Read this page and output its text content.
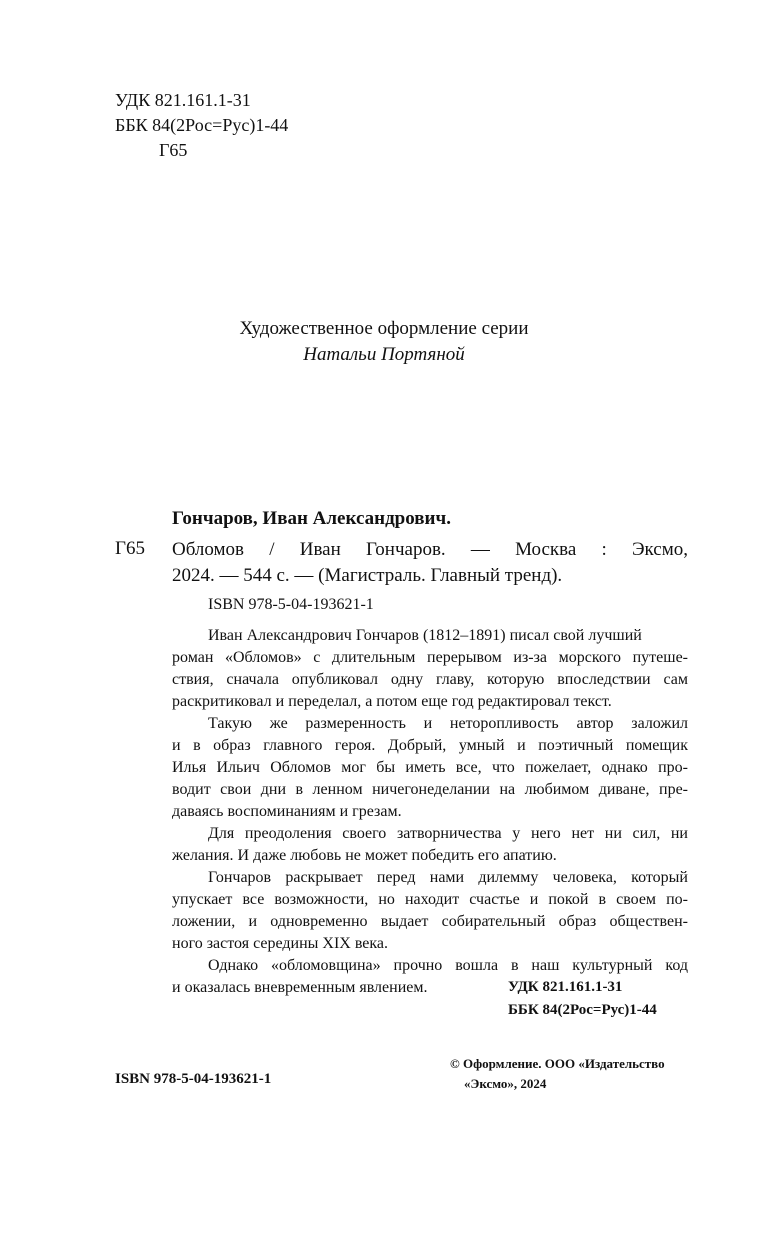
УДК 821.161.1-31
ББК 84(2Рос=Рус)1-44
Г65
Художественное оформление серии
Натальи Портяной
Гончаров, Иван Александрович.
Г65 Обломов / Иван Гончаров. — Москва : Эксмо,
2024. — 544 с. — (Магистраль. Главный тренд).
ISBN 978-5-04-193621-1
Иван Александрович Гончаров (1812–1891) писал свой лучший
роман «Обломов» с длительным перерывом из-за морского путеше-
ствия, сначала опубликовал одну главу, которую впоследствии сам
раскритиковал и переделал, а потом еще год редактировал текст.
Такую же размеренность и неторопливость автор заложил
и в образ главного героя. Добрый, умный и поэтичный помещик
Илья Ильич Обломов мог бы иметь все, что пожелает, однако про-
водит свои дни в ленном ничегонеделании на любимом диване, пре-
даваясь воспоминаниям и грезам.
Для преодоления своего затворничества у него нет ни сил, ни
желания. И даже любовь не может победить его апатию.
Гончаров раскрывает перед нами дилемму человека, который
упускает все возможности, но находит счастье и покой в своем по-
ложении, и одновременно выдает собирательный образ обществен-
ного застоя середины XIX века.
Однако «обломовщина» прочно вошла в наш культурный код
и оказалась вневременным явлением.	УДК 821.161.1-31
ББК 84(2Рос=Рус)1-44
© Оформление. ООО «Издательство
«Эксмо», 2024
ISBN 978-5-04-193621-1
